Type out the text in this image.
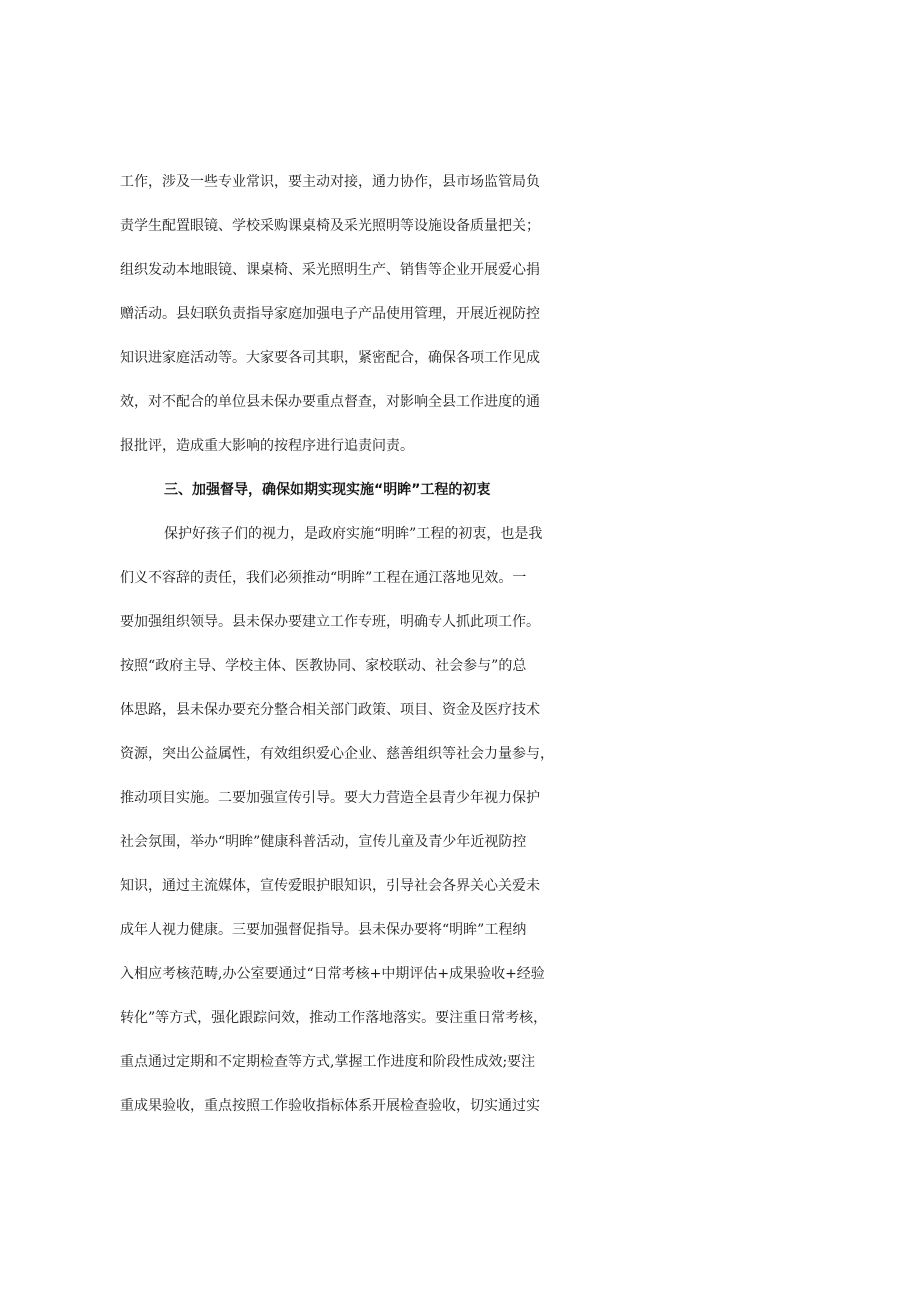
工作，涉及一些专业常识，要主动对接，通力协作，县市场监管局负
责学生配置眼镜、学校采购课桌椅及采光照明等设施设备质量把关；
组织发动本地眼镜、课桌椅、采光照明生产、销售等企业开展爱心捐
赠活动。县妇联负责指导家庭加强电子产品使用管理，开展近视防控
知识进家庭活动等。大家要各司其职，紧密配合，确保各项工作见成
效，对不配合的单位县未保办要重点督查，对影响全县工作进度的通
报批评，造成重大影响的按程序进行追责问责。
三、加强督导，确保如期实现实施“明眸”工程的初衷
保护好孩子们的视力，是政府实施“明眸”工程的初衷，也是我
们义不容辞的责任，我们必须推动“明眸”工程在通江落地见效。一
要加强组织领导。县未保办要建立工作专班，明确专人抓此项工作。
按照“政府主导、学校主体、医教协同、家校联动、社会参与”的总
体思路，县未保办要充分整合相关部门政策、项目、资金及医疗技术
资源，突出公益属性，有效组织爱心企业、慈善组织等社会力量参与，
推动项目实施。二要加强宣传引导。要大力营造全县青少年视力保护
社会氛围，举办“明眸”健康科普活动，宣传儿童及青少年近视防控
知识，通过主流媒体，宣传爱眼护眼知识，引导社会各界关心关爱未
成年人视力健康。三要加强督促指导。县未保办要将“明眸”工程纳
入相应考核范畴,办公室要通过“日常考核+中期评估+成果验收+经验
转化”等方式，强化跟踪问效，推动工作落地落实。要注重日常考核，
重点通过定期和不定期检查等方式,掌握工作进度和阶段性成效;要注
重成果验收，重点按照工作验收指标体系开展检查验收，切实通过实
